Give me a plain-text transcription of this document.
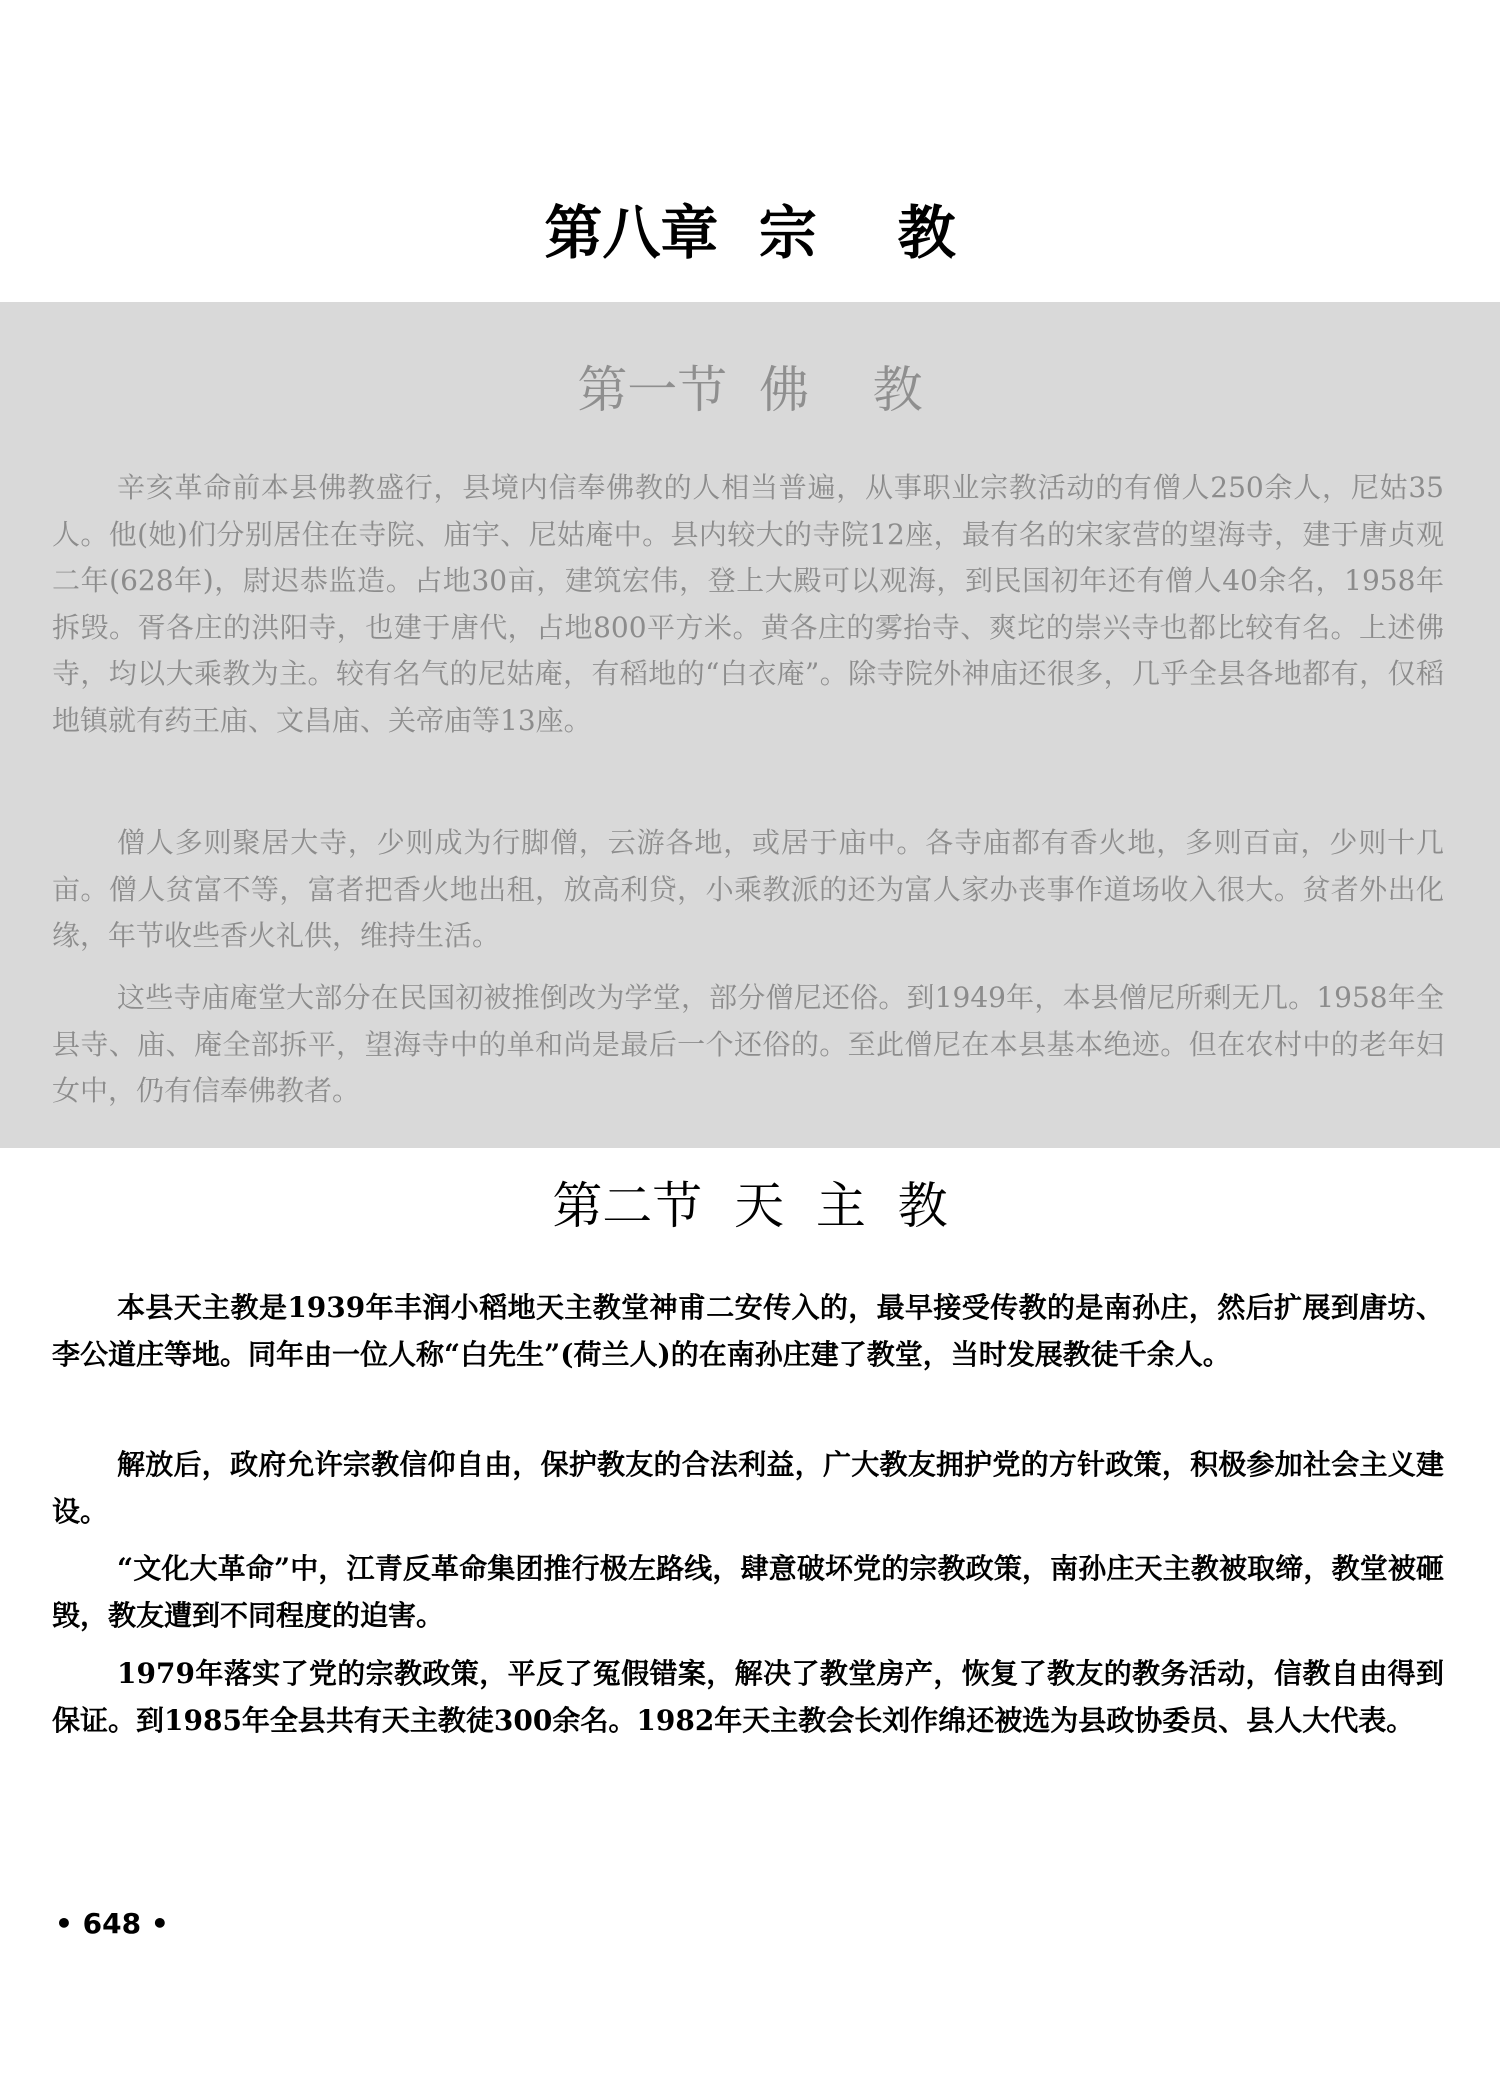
第八章  宗    教
第一节  佛    教

辛亥革命前本县佛教盛行，县境内信奉佛教的人相当普遍，从事职业宗教活动的有僧人250余人，尼姑35人。他(她)们分别居住在寺院、庙宇、尼姑庵中。县内较大的寺院12座，最有名的宋家营的望海寺，建于唐贞观二年(628年)，尉迟恭监造。占地30亩，建筑宏伟，登上大殿可以观海，到民国初年还有僧人40余名，1958年拆毁。胥各庄的洪阳寺，也建于唐代，占地800平方米。黄各庄的雾抬寺、爽坨的崇兴寺也都比较有名。上述佛寺，均以大乘教为主。较有名气的尼姑庵，有稻地的“白衣庵”。除寺院外神庙还很多，几乎全县各地都有，仅稻地镇就有药王庙、文昌庙、关帝庙等13座。

僧人多则聚居大寺，少则成为行脚僧，云游各地，或居于庙中。各寺庙都有香火地，多则百亩，少则十几亩。僧人贫富不等，富者把香火地出租，放高利贷，小乘教派的还为富人家办丧事作道场收入很大。贫者外出化缘，年节收些香火礼供，维持生活。

这些寺庙庵堂大部分在民国初被推倒改为学堂，部分僧尼还俗。到1949年，本县僧尼所剩无几。1958年全县寺、庙、庵全部拆平，望海寺中的单和尚是最后一个还俗的。至此僧尼在本县基本绝迹。但在农村中的老年妇女中，仍有信奉佛教者。

第二节  天  主  教

本县天主教是1939年丰润小稻地天主教堂神甫二安传入的，最早接受传教的是南孙庄，然后扩展到唐坊、李公道庄等地。同年由一位人称“白先生”(荷兰人)的在南孙庄建了教堂，当时发展教徒千余人。

解放后，政府允许宗教信仰自由，保护教友的合法利益，广大教友拥护党的方针政策，积极参加社会主义建设。

“文化大革命”中，江青反革命集团推行极左路线，肆意破坏党的宗教政策，南孙庄天主教被取缔，教堂被砸毁，教友遭到不同程度的迫害。

1979年落实了党的宗教政策，平反了冤假错案，解决了教堂房产，恢复了教友的教务活动，信教自由得到保证。到1985年全县共有天主教徒300余名。1982年天主教会长刘作绵还被选为县政协委员、县人大代表。

• 648 •
